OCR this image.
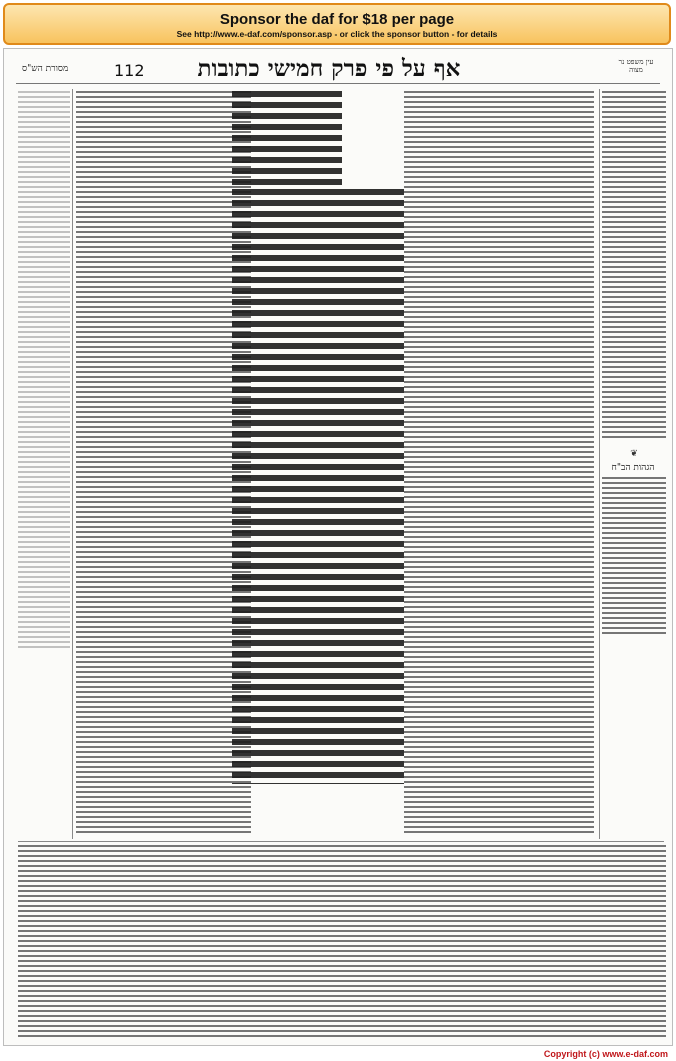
Sponsor the daf for $18 per page
See http://www.e-daf.com/sponsor.asp - or click the sponsor button - for details
מסורת הש"ס	112	אף על פי פרק חמישי כתובות	עין משפט נר מצוה
❦
הגהות הב"ח
Copyright (c) www.e-daf.com
